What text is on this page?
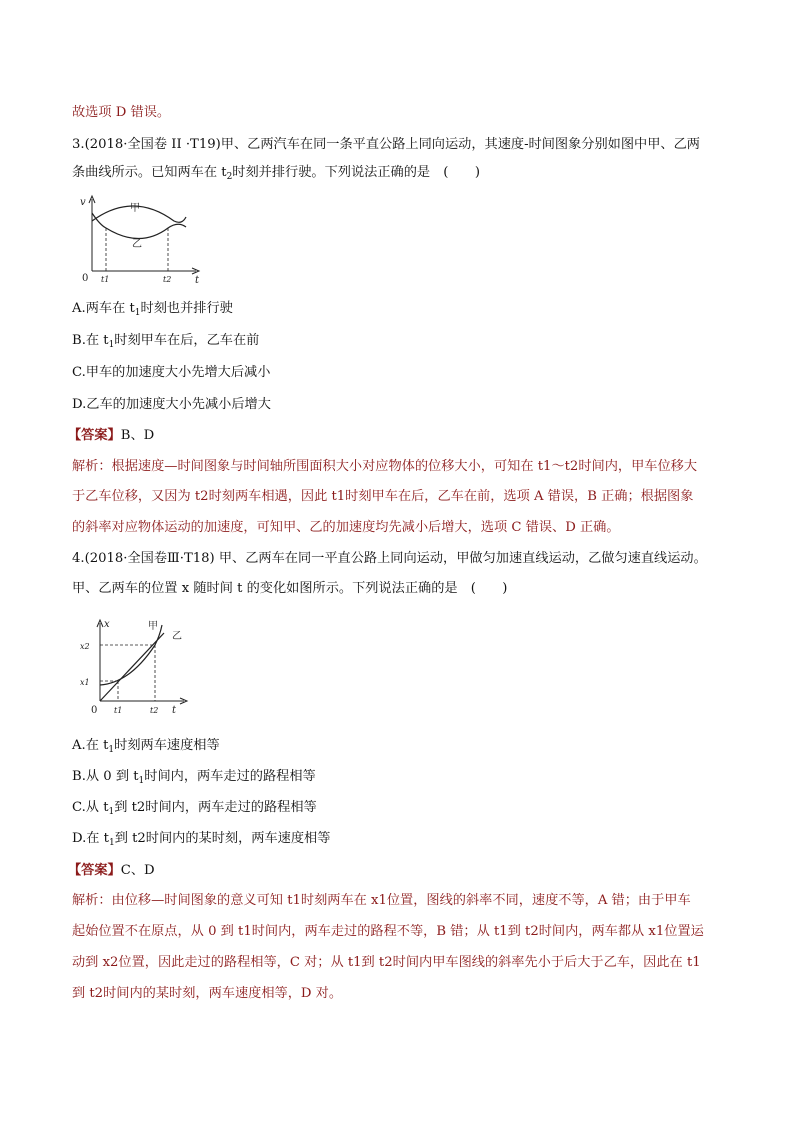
故选项 D 错误。
3.(2018·全国卷 II ·T19)甲、乙两汽车在同一条平直公路上同向运动，其速度-时间图象分别如图中甲、乙两
条曲线所示。已知两车在 $t_2$时刻并排行驶。下列说法正确的是　(　　)
v
t
0
甲
乙
t1	t2
A.两车在 $t_1$时刻也并排行驶
B.在 $t_1$时刻甲车在后，乙车在前
C.甲车的加速度大小先增大后减小
D.乙车的加速度大小先减小后增大
【答案】B、D
解析：根据速度—时间图象与时间轴所围面积大小对应物体的位移大小，可知在 t1～t2时间内，甲车位移大
于乙车位移，又因为 t2时刻两车相遇，因此 t1时刻甲车在后，乙车在前，选项 A 错误，B 正确；根据图象
的斜率对应物体运动的加速度，可知甲、乙的加速度均先减小后增大，选项 C 错误、D 正确。
4.(2018·全国卷Ⅲ·T18) 甲、乙两车在同一平直公路上同向运动，甲做匀加速直线运动，乙做匀速直线运动。
甲、乙两车的位置 x 随时间 t 的变化如图所示。下列说法正确的是　(　　)
x
t
0
x2
x1
t1	t2
甲
乙
A.在 $t_1$时刻两车速度相等
B.从 0 到 $t_1$时间内，两车走过的路程相等
C.从 $t_1$到 t2时间内，两车走过的路程相等
D.在 $t_1$到 t2时间内的某时刻，两车速度相等
【答案】C、D
解析：由位移—时间图象的意义可知 t1时刻两车在 x1位置，图线的斜率不同，速度不等，A 错；由于甲车
起始位置不在原点，从 0 到 t1时间内，两车走过的路程不等，B 错；从 t1到 t2时间内，两车都从 x1位置运
动到 x2位置，因此走过的路程相等，C 对；从 t1到 t2时间内甲车图线的斜率先小于后大于乙车，因此在 t1
到 t2时间内的某时刻，两车速度相等，D 对。
